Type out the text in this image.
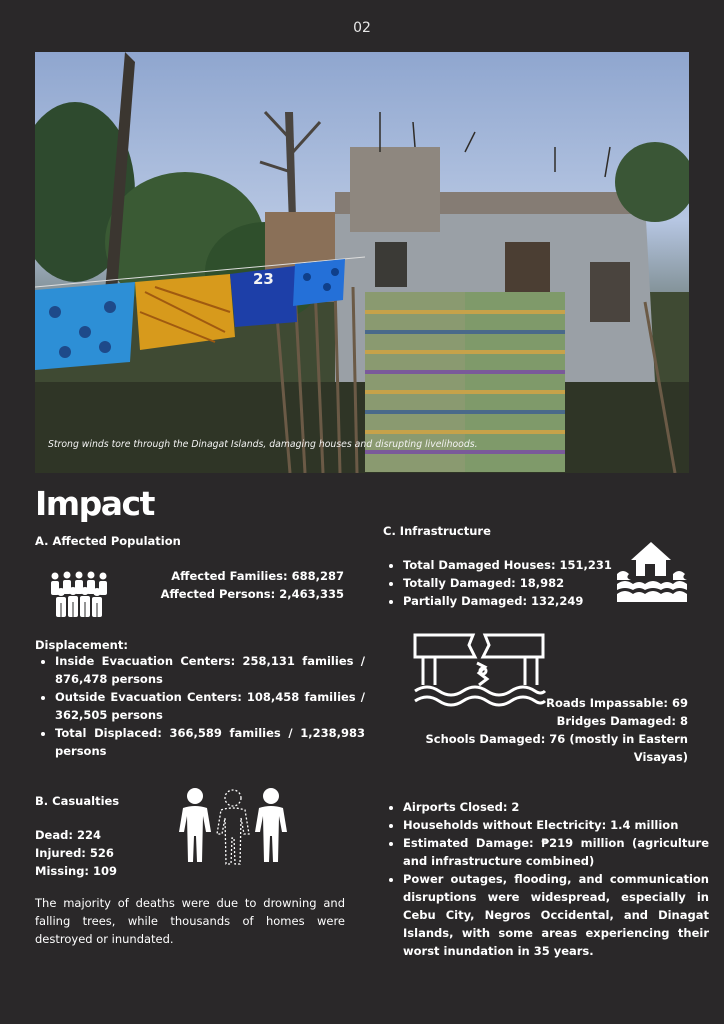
02
23
Strong winds tore through the Dinagat Islands, damaging houses and disrupting livelihoods.
Impact
A. Affected Population
Affected Families: 688,287
Affected Persons: 2,463,335
Displacement:
• Inside Evacuation Centers: 258,131 families / 876,478 persons
• Outside Evacuation Centers: 108,458 families / 362,505 persons
• Total Displaced: 366,589 families / 1,238,983 persons
B. Casualties
Dead: 224
Injured: 526
Missing: 109
The majority of deaths were due to drowning and falling trees, while thousands of homes were destroyed or inundated.
C. Infrastructure
• Total Damaged Houses: 151,231
• Totally Damaged: 18,982
• Partially Damaged: 132,249
Roads Impassable: 69
Bridges Damaged: 8
Schools Damaged: 76 (mostly in Eastern Visayas)
• Airports Closed: 2
• Households without Electricity: 1.4 million
• Estimated Damage: ₱219 million (agriculture and infrastructure combined)
• Power outages, flooding, and communication disruptions were widespread, especially in Cebu City, Negros Occidental, and Dinagat Islands, with some areas experiencing their worst inundation in 35 years.
